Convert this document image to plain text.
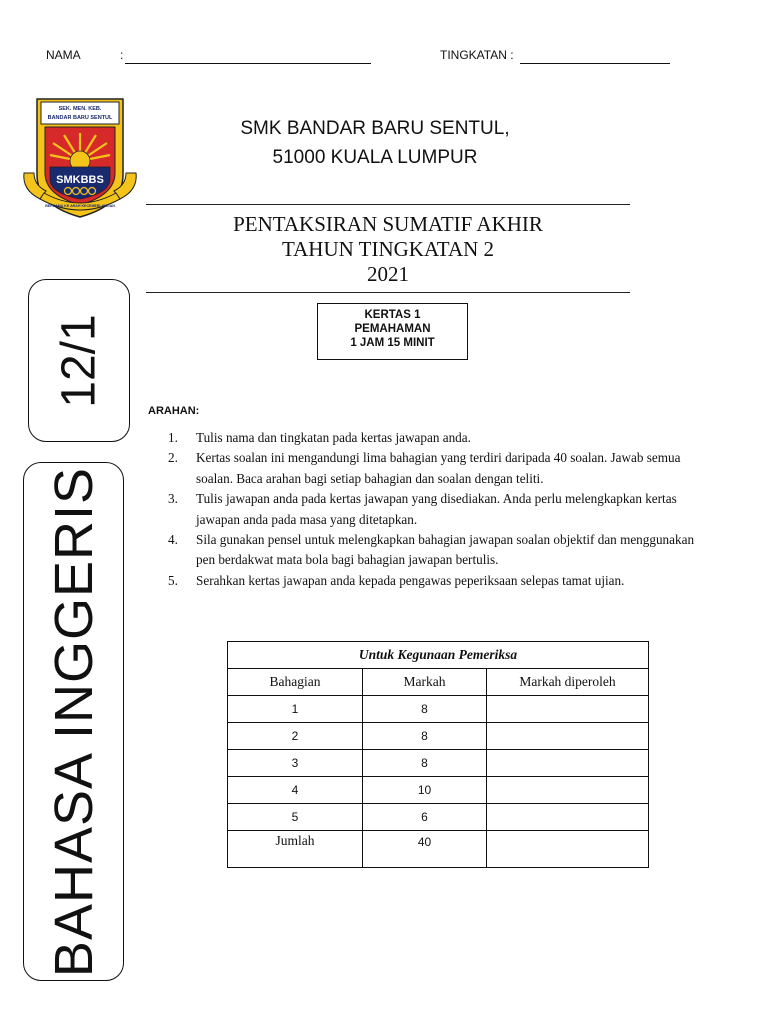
NAMA	:	TINGKATAN :
SEK. MEN. KEB.
BANDAR BARU SENTUL
SMKBBS
BERSAMA KE ARAH KECEMERLANGAN
SMK BANDAR BARU SENTUL,
51000 KUALA LUMPUR
PENTAKSIRAN SUMATIF AKHIR
TAHUN TINGKATAN 2
2021
KERTAS 1
PEMAHAMAN
1 JAM 15 MINIT
12/1
BAHASA INGGERIS
ARAHAN:
1. Tulis nama dan tingkatan pada kertas jawapan anda.
2. Kertas soalan ini mengandungi lima bahagian yang terdiri daripada 40 soalan. Jawab semua soalan. Baca arahan bagi setiap bahagian dan soalan dengan teliti.
3. Tulis jawapan anda pada kertas jawapan yang disediakan. Anda perlu melengkapkan kertas jawapan anda pada masa yang ditetapkan.
4. Sila gunakan pensel untuk melengkapkan bahagian jawapan soalan objektif dan menggunakan pen berdakwat mata bola bagi bahagian jawapan bertulis.
5. Serahkan kertas jawapan anda kepada pengawas peperiksaan selepas tamat ujian.
Untuk Kegunaan Pemeriksa		
Bahagian	Markah	Markah diperoleh
1	8	
2	8	
3	8	
4	10	
5	6	
Jumlah	40	
